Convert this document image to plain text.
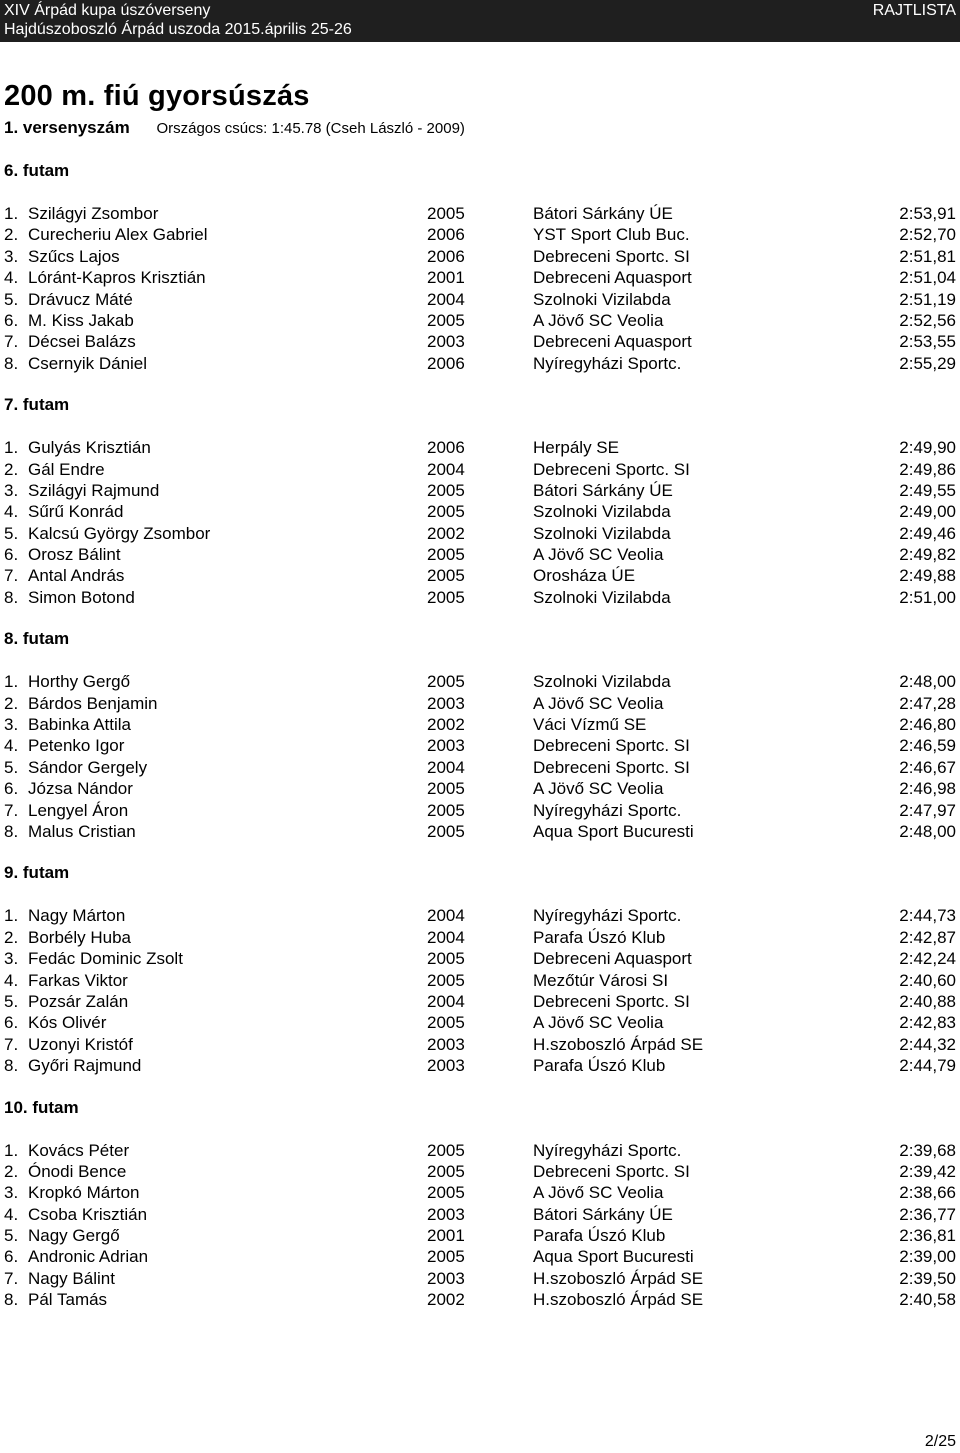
XIV Árpád kupa úszóverseny
Hajdúszoboszló Árpád uszoda 2015.április 25-26
RAJTLISTA
200 m. fiú gyorsúszás
1. versenyszám Országos csúcs: 1:45.78 (Cseh László - 2009)
6. futam
1. Szilágyi Zsombor	2005	Bátori Sárkány ÚE	2:53,91
2. Curecheriu Alex Gabriel	2006	YST Sport Club Buc.	2:52,70
3. Szűcs Lajos	2006	Debreceni Sportc. SI	2:51,81
4. Lóránt-Kapros Krisztián	2001	Debreceni Aquasport	2:51,04
5. Drávucz Máté	2004	Szolnoki Vizilabda	2:51,19
6. M. Kiss Jakab	2005	A Jövő SC Veolia	2:52,56
7. Décsei Balázs	2003	Debreceni Aquasport	2:53,55
8. Csernyik Dániel	2006	Nyíregyházi Sportc.	2:55,29
7. futam
1. Gulyás Krisztián	2006	Herpály SE	2:49,90
2. Gál Endre	2004	Debreceni Sportc. SI	2:49,86
3. Szilágyi Rajmund	2005	Bátori Sárkány ÚE	2:49,55
4. Sűrű Konrád	2005	Szolnoki Vizilabda	2:49,00
5. Kalcsú György Zsombor	2002	Szolnoki Vizilabda	2:49,46
6. Orosz Bálint	2005	A Jövő SC Veolia	2:49,82
7. Antal András	2005	Orosháza ÚE	2:49,88
8. Simon Botond	2005	Szolnoki Vizilabda	2:51,00
8. futam
1. Horthy Gergő	2005	Szolnoki Vizilabda	2:48,00
2. Bárdos Benjamin	2003	A Jövő SC Veolia	2:47,28
3. Babinka Attila	2002	Váci Vízmű SE	2:46,80
4. Petenko Igor	2003	Debreceni Sportc. SI	2:46,59
5. Sándor Gergely	2004	Debreceni Sportc. SI	2:46,67
6. Józsa Nándor	2005	A Jövő SC Veolia	2:46,98
7. Lengyel Áron	2005	Nyíregyházi Sportc.	2:47,97
8. Malus Cristian	2005	Aqua Sport Bucuresti	2:48,00
9. futam
1. Nagy Márton	2004	Nyíregyházi Sportc.	2:44,73
2. Borbély Huba	2004	Parafa Úszó Klub	2:42,87
3. Fedác Dominic Zsolt	2005	Debreceni Aquasport	2:42,24
4. Farkas Viktor	2005	Mezőtúr Városi SI	2:40,60
5. Pozsár Zalán	2004	Debreceni Sportc. SI	2:40,88
6. Kós Olivér	2005	A Jövő SC Veolia	2:42,83
7. Uzonyi Kristóf	2003	H.szoboszló Árpád SE	2:44,32
8. Győri Rajmund	2003	Parafa Úszó Klub	2:44,79
10. futam
1. Kovács Péter	2005	Nyíregyházi Sportc.	2:39,68
2. Ónodi Bence	2005	Debreceni Sportc. SI	2:39,42
3. Kropkó Márton	2005	A Jövő SC Veolia	2:38,66
4. Csoba Krisztián	2003	Bátori Sárkány ÚE	2:36,77
5. Nagy Gergő	2001	Parafa Úszó Klub	2:36,81
6. Andronic Adrian	2005	Aqua Sport Bucuresti	2:39,00
7. Nagy Bálint	2003	H.szoboszló Árpád SE	2:39,50
8. Pál Tamás	2002	H.szoboszló Árpád SE	2:40,58
2/25
